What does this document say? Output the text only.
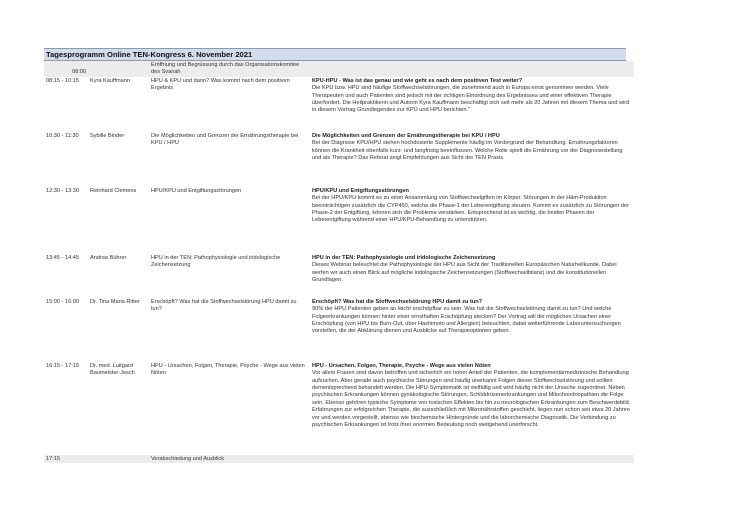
Tagesprogramm Online TEN-Kongress 6. November 2021
08:00		Eröffnung und Begrüssung durch das Organisationskomitee des Svanah	
08:15 - 10:15	Kyra Kauffmann	HPU & KPU und dann? Was kommt nach dem positiven Ergebnis	KPU-HPU - Was ist das genau und wie geht es nach dem positiven Test weiter?
Die KPU bzw. HPU sind häufige Stoffwechselstörungen, die zunehmend auch in Europa ernst genommen werden. Viele Therapeuten und auch Patienten sind jedoch mit der richtigen Einordnung des Ergebnisses und einer effektiven Therapie überfordert. Die Heilpraktikerin und Autorin Kyra Kauffmann beschäftigt sich seit mehr als 20 Jahren mit diesem Thema und wird in diesem Vortrag Grundlegendes zur KPU und HPU berichten."

10:30 - 11:30	Sybille Binder	Die Möglichkeiten und Grenzen der Ernährungstherapie bei KPU / HPU	Die Möglichkeiten und Grenzen der Ernährungstherapie bei KPU / HPU
Bei der Diagnose KPU/HPU stehen hochdosierte Supplemente häufig im Vordergrund der Behandlung. Ernährungsfaktoren können die Krankheit ebenfalls kurz- und langfristig beeinflussen. Welche Rolle spielt die Ernährung vor der Diagnosestellung und als Therapie? Das Referat zeigt Empfehlungen aus Sicht der TEN Praxis.

12:30 - 13:30	Reinhard Clemens	HPU/KPU und Entgiftungsstörungen	HPU/KPU und Entgiftungsstörungen
Bei der HPU/KPU kommt es zu einer Ansammlung von Stoffwechselgiften im Körper. Störungen in der Häm-Produktion beeinträchtigen zusätzlich die CYP450, welche die Phase-1 der Leberentgiftung steuern. Kommt es zusätzlich zu Störungen der Phase-2 der Entgiftung, können sich die Probleme verstärken. Entsprechend ist es wichtig, die beiden Phasen der Leberentgiftung während einer HPU/KPU-Behandlung zu unterstützen.

13:45 - 14:45	Andrea Bührer	HPU in der TEN: Pathophysiologie und iridologische Zeichensetzung	HPU in der TEN: Pathophysiologie und iridologische Zeichensetzung
Dieses Webinar beleuchtet die Pathophysiologie der HPU aus Sicht der Traditionellen Europäischen Naturheilkunde. Dabei werfen wir auch einen Blick auf mögliche iridologische Zeichensetzungen (Stoffwechselbilanz) und die konstitutionellen Grundlagen.

15:00 - 16:00	Dr. Tina Maria Ritter	Erschöpft? Was hat die Stoffwechselstörung HPU damit zu tun?	Erschöpft? Was hat die Stoffwechselstörung HPU damit zu tun?
90% der HPU Patienten geben an leicht erschöpfbar zu sein. Was hat die Stoffwechselstörung damit zu tun? Und welche Folgeerkrankungen können hinter einer ernsthaften Erschöpfung stecken? Der Vortrag will die möglichen Ursachen einer Erschöpfung (von HPU bis Burn-Out, über Hashimoto und Allergien) beleuchten, dabei weiterführende Laboruntersuchungen vorstellen, die der Abklärung dienen und Ausblicke auf Therapieoptionen geben.

16:15 - 17:15	Dr. med. Luitgard Baumeister-Jesch	HPU - Ursachen, Folgen, Therapie, Psyche - Wege aus vielen Nöten	HPU - Ursachen, Folgen, Therapie, Psyche - Wege aus vielen Nöten
Vor allem Frauen sind davon betroffen und sicherlich ein hoher Anteil der Patienten, die komplementärmedizinische Behandlung aufsuchen. Aber gerade auch psychische Störungen sind häufig unerkannt Folgen dieser Stoffwechselstörung und sollten dementsprechend behandelt werden. Die HPU-Symptomatik ist vielfältig und wird häufig nicht der Ursache zugeordnet. Neben psychischen Erkrankungen können gynäkologische Störungen, Schilddrüsenerkrankungen und Mitochondriopathien die Folge sein. Ebenso gehören typische Symptome von toxischen Effekten bis hin zu neurologischen Erkrankungen zum Beschwerdebild. Erfahrungen zur erfolgreichen Therapie, die ausschließlich mit Mikronährstoffen geschieht, liegen nun schon seit etwa 20 Jahren vor und werden vorgestellt, ebenso wie biochemische Hintergründe und die laborchemische Diagnostik. Die Verbindung zu psychischen Erkrankungen ist trotz ihrer enormen Bedeutung noch weitgehend unerforscht.

17:15		Verabschiedung und Ausblick	
